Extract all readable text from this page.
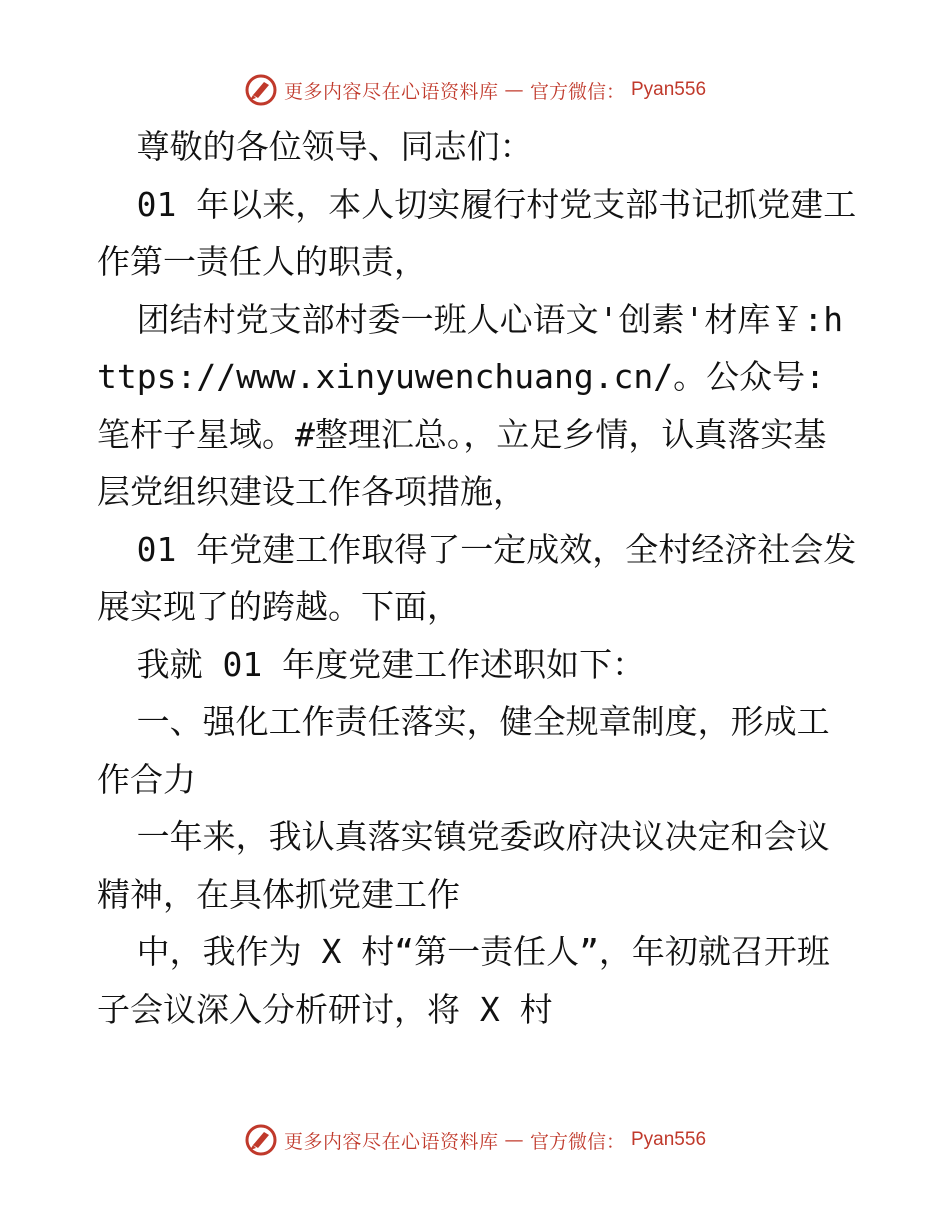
更多内容尽在心语资料库 — 官方微信： Pyan556

尊敬的各位领导、同志们：

01 年以来，本人切实履行村党支部书记抓党建工作第一责任人的职责，

团结村党支部村委一班人心语文'创素'材库￥:https://www.xinyuwenchuang.cn/。公众号: 笔杆子星域。#整理汇总。，立足乡情，认真落实基层党组织建设工作各项措施，

01 年党建工作取得了一定成效，全村经济社会发展实现了的跨越。下面，

我就 01 年度党建工作述职如下：

一、强化工作责任落实，健全规章制度，形成工作合力

一年来，我认真落实镇党委政府决议决定和会议精神，在具体抓党建工作

中，我作为 X 村“第一责任人”，年初就召开班子会议深入分析研讨，将 X 村

更多内容尽在心语资料库 — 官方微信： Pyan556
